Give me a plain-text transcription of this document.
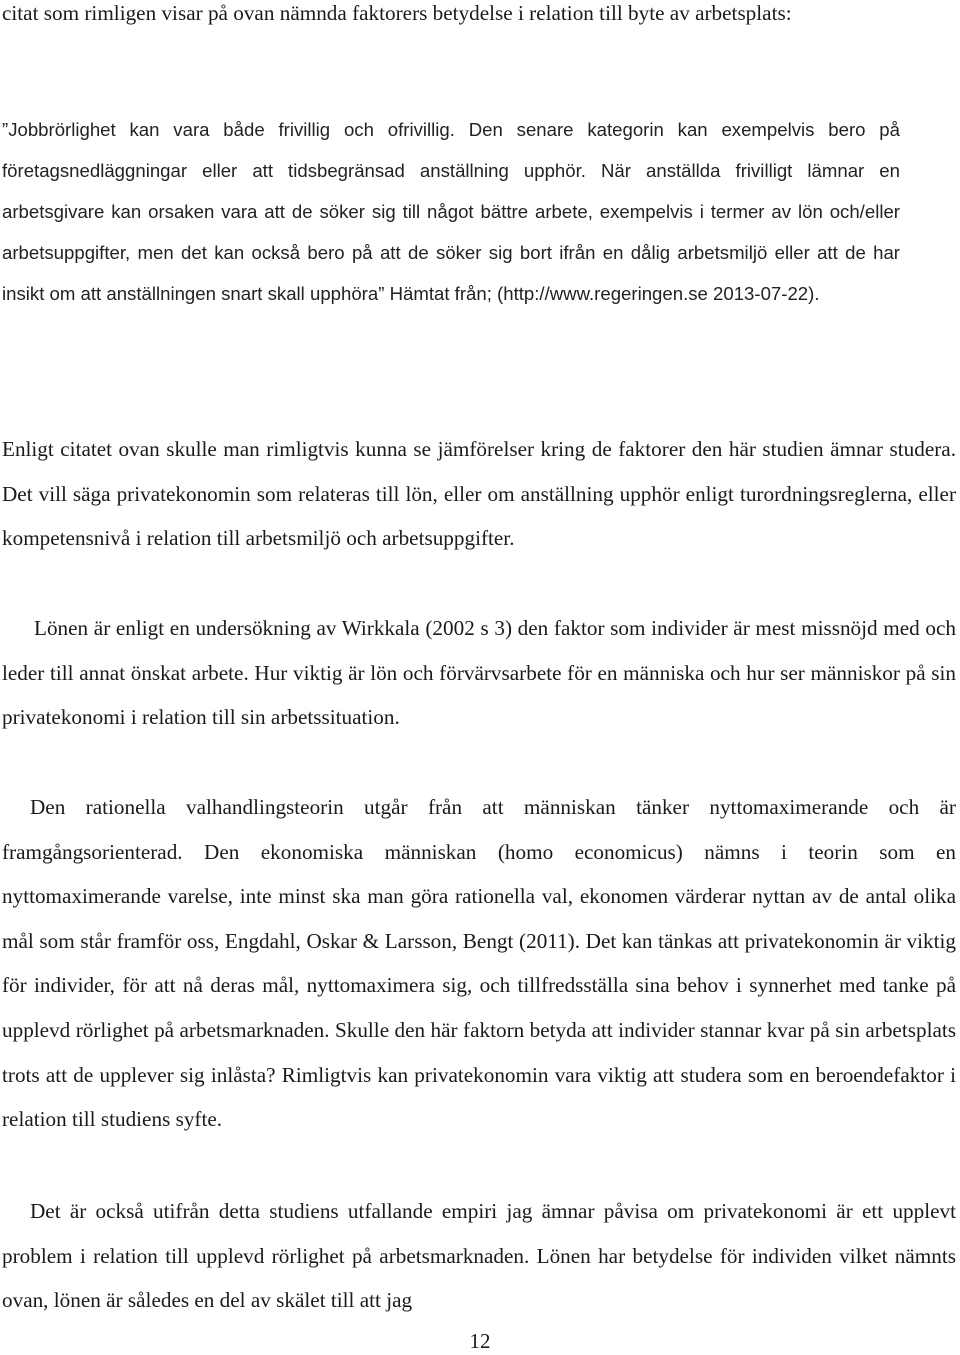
citat som rimligen visar på ovan nämnda faktorers betydelse i relation till byte av arbetsplats:

”Jobbrörlighet kan vara både frivillig och ofrivillig. Den senare kategorin kan exempelvis bero på företagsnedläggningar eller att tidsbegränsad anställning upphör. När anställda frivilligt lämnar en arbetsgivare kan orsaken vara att de söker sig till något bättre arbete, exempelvis i termer av lön och/eller arbetsuppgifter, men det kan också bero på att de söker sig bort ifrån en dålig arbetsmiljö eller att de har insikt om att anställningen snart skall upphöra” Hämtat från; (http://www.regeringen.se 2013-07-22).

Enligt citatet ovan skulle man rimligtvis kunna se jämförelser kring de faktorer den här studien ämnar studera. Det vill säga privatekonomin som relateras till lön, eller om anställning upphör enligt turordningsreglerna, eller kompetensnivå i relation till arbetsmiljö och arbetsuppgifter.

Lönen är enligt en undersökning av Wirkkala (2002 s 3) den faktor som individer är mest missnöjd med och leder till annat önskat arbete. Hur viktig är lön och förvärvsarbete för en människa och hur ser människor på sin privatekonomi i relation till sin arbetssituation.

Den rationella valhandlingsteorin utgår från att människan tänker nyttomaximerande och är framgångsorienterad. Den ekonomiska människan (homo economicus) nämns i teorin som en nyttomaximerande varelse, inte minst ska man göra rationella val, ekonomen värderar nyttan av de antal olika mål som står framför oss, Engdahl, Oskar & Larsson, Bengt (2011). Det kan tänkas att privatekonomin är viktig för individer, för att nå deras mål, nyttomaximera sig, och tillfredsställa sina behov i synnerhet med tanke på upplevd rörlighet på arbetsmarknaden. Skulle den här faktorn betyda att individer stannar kvar på sin arbetsplats trots att de upplever sig inlåsta? Rimligtvis kan privatekonomin vara viktig att studera som en beroendefaktor i relation till studiens syfte.

Det är också utifrån detta studiens utfallande empiri jag ämnar påvisa om privatekonomi är ett upplevt problem i relation till upplevd rörlighet på arbetsmarknaden. Lönen har betydelse för individen vilket nämnts ovan, lönen är således en del av skälet till att jag

12
